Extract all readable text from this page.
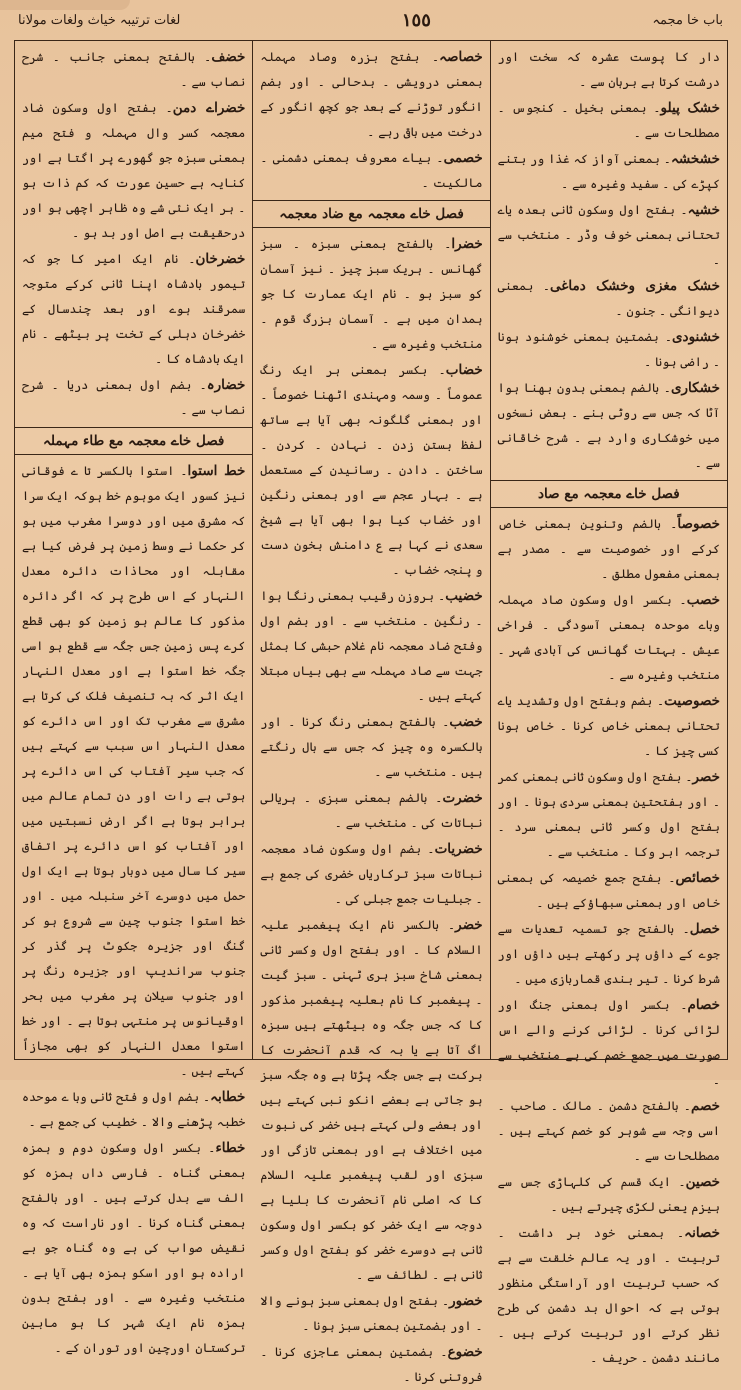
باب خا مجمہ
١٥٥
لغات ترتیبہ خیاث ولغات مولانا
دار کا پوست عشرہ کہ سخت اور درشت کرتا ہے برہان سے ۔
خشک پیلو۔ بمعنی بخیل ۔ کنجوس ۔ مصطلحات سے ۔
خشخشہ۔ بمعنی آواز کہ غذا ور بتنے کپڑے کی ۔ سفید وغیرہ سے ۔
خشیہ۔ بفتح اول وسکون ثانی بعدہ یاے تحتانی بمعنی خوف وڈر ۔ منتخب سے ۔
خشک مغزی وخشک دماغی۔ بمعنی دیوانگی ۔ جنون ۔
خشنودی۔ بضمتین بمعنی خوشنود ہونا ۔ راضی ہونا ۔
خشکاری۔ بالضم بمعنی بدون بھنا ہوا آٹا کہ جس سے روٹی بنے ۔ بعض نسخوں میں خوشکاری وارد ہے ۔ شرح خاقانی سے ۔
فصل خاے معجمہ مع صاد
خصوصاً۔ بالضم وتنوین بمعنی خاص کرکے اور خصوصیت سے ۔ مصدر ہے بمعنی مفعول مطلق ۔
خصب۔ بکسر اول وسکون صاد مہملہ وباے موحدہ بمعنی آسودگی ۔ فراخی عیش ۔ بہتات گھانس کی آبادی شہر ۔ منتخب وغیرہ سے ۔
خصوصیت۔ بضم وبفتح اول وتشدید یاے تحتانی بمعنی خاص کرنا ۔ خاص ہونا کسی چیز کا ۔
خصر۔ بفتح اول وسکون ثانی بمعنی کمر ۔ اور بفتحتین بمعنی سردی ہونا ۔ اور بفتح اول وکسر ثانی بمعنی سرد ۔ ترجمہ ابر وکا ۔ منتخب سے ۔
خصائص۔ بفتح جمع خصیصہ کی بمعنی خاص اور بمعنی سبھاؤکے ہیں ۔
خصل۔ بالفتح جو تسمیہ تعدیات سے جوے کے داؤں پر رکھتے ہیں داؤں اور شرط کرنا ۔ تیر بندی قماربازی میں ۔
خصام۔ بکسر اول بمعنی جنگ اور لڑائی کرنا ۔ لڑائی کرنے والے اس صورت میں جمع خصم کی ہے منتخب سے ۔
خصم۔ بالفتح دشمن ۔ مالک ۔ صاحب ۔ اسی وجہ سے شوہر کو خصم کہتے ہیں ۔ مصطلحات سے ۔
خصین۔ ایک قسم کی کلہاڑی جس سے ہیزم یعنی لکڑی چیرتے ہیں ۔
خصانہ۔ بمعنی خود بر داشت ۔ تربیت ۔ اور یہ عالم خلقت سے ہے کہ حسب تربیت اور آراستگی منظور ہوتی ہے کہ احوال بد دشمن کی طرح نظر کرتے اور تربیت کرتے ہیں ۔ مانند دشمن ۔ حریف ۔
خصاصہ۔ بفتح بزرہ وصاد مہملہ بمعنی درویشی ۔ بدحالی ۔ اور بضم انگور توڑنے کے بعد جو کچھ انگور کے درخت میں باقی رہے ۔
خصمی۔ بیاے معروف بمعنی دشمنی ۔ مالکیت ۔
فصل خاے معجمہ مع ضاد معجمہ
خضرا۔ بالفتح بمعنی سبزہ ۔ سبز گھانس ۔ ہریک سبز چیز ۔ نیز آسمان کو سبز بو ۔ نام ایک عمارت کا جو ہمدان میں ہے ۔ آسمان بزرگ قوم ۔ منتخب وغیرہ سے ۔
خضاب۔ بکسر بمعنی ہر ایک رنگ عموماً ۔ وسمہ ومہندی اٹھنا خصوصاً ۔ اور بمعنی گلگونہ بھی آیا ہے ساتھ لفظ بستن زدن ۔ نہادن ۔ کردن ۔ ساختن ۔ دادن ۔ رسانیدن کے مستعمل ہے ۔ بہار عجم سے اور بمعنی رنگین اور خضاب کیا ہوا بھی آیا ہے شیخ سعدی نے کہا ہے ع دامنش بخون دست و پنجہ خضاب ۔
خضیب۔ بروزن رقیب بمعنی رنگا ہوا ۔ رنگین ۔ منتخب سے ۔ اور بضم اول وفتح ضاد معجمہ نام غلام حبشی کا بمثل جہت سے صاد مہملہ سے بھی بیاں مبتلا کہتے ہیں ۔
خضب۔ بالفتح بمعنی رنگ کرنا ۔ اور بالکسرہ وہ چیز کہ جس سے بال رنگتے ہیں ۔ منتخب سے ۔
خضرت۔ بالضم بمعنی سبزی ۔ ہریالی نباتات کی ۔ منتخب سے ۔
خضریات۔ بضم اول وسکون ضاد معجمہ نباتات سبز ترکاریاں خضری کی جمع ہے ۔ جبلیات جمع جبلی کی ۔
خضر۔ بالکسر نام ایک پیغمبر علیہ السلام کا ۔ اور بفتح اول وکسر ثانی بمعنی شاخ سبز ہری ٹہنی ۔ سبز گیت ۔ پیغمبر کا نام بعلیہ پیغمبر مذکور کا کہ جس جگہ وہ بیٹھتے ہیں سبزہ اگ آتا ہے یا بہ کہ قدم آنحضرت کا برکت ہے جس جگہ پڑتا ہے وہ جگہ سبز ہو جاتی ہے بعضے انکو نبی کہتے ہیں اور بعضے ولی کہتے ہیں خضر کی نبوت میں اختلاف ہے اور بمعنی تازگی اور سبزی اور لقب پیغمبر علیہ السلام کا کہ اصلی نام آنحضرت کا بلیا ہے دوجہ سے ایک خضر کو بکسر اول وسکون ثانی ہے دوسرے خضر کو بفتح اول وکسر ثانی ہے ۔ لطائف سے ۔
خضور۔ بفتح اول بمعنی سبز ہونے والا ۔ اور بضمتین بمعنی سبز ہونا ۔
خضوع۔ بضمتین بمعنی عاجزی کرنا ۔ فروتنی کرنا ۔
خضف۔ بالفتح بمعنی جانب ۔ شرح نصاب سے ۔
خضراے دمن۔ بفتح اول وسکون ضاد معجمہ کسر وال مہملہ و فتح میم بمعنی سبزہ جو گھورے پر اگتا ہے اور کنایہ ہے حسین عورت کہ کم ذات ہو ۔ ہر ایک نئی شے وہ ظاہر اچھی ہو اور درحقیقت بے اصل اور بد ہو ۔
خضرخان۔ نام ایک امیر کا جو کہ تیمور بادشاہ اپنا ثانی کرکے متوجہ سمرقند ہوے اور بعد چندسال کے خضرخان دہلی کے تخت پر بیٹھے ۔ نام ایک بادشاہ کا ۔
خضارہ۔ بضم اول بمعنی دریا ۔ شرح نصاب سے ۔
فصل خاے معجمہ مع طاء مہملہ
خط استوا۔ استوا بالکسر تا ے فوقانی نیز کسور ایک موہوم خط ہوکہ ایک سرا کہ مشرق میں اور دوسرا مغرب میں ہو کر حکما نے وسط زمین پر فرض کیا ہے مقابلہ اور محاذات دائرہ معدل النہار کے اس طرح پر کہ اگر دائرہ مذکور کا عالم ہو زمین کو بھی قطع کرے پس زمین جس جگہ سے قطع ہو اسی جگہ خط استوا ہے اور معدل النہار ایک اثر کہ بہ تنصیف فلک کی کرتا ہے مشرق سے مغرب تک اور اس دائرے کو معدل النہار اس سبب سے کہتے ہیں کہ جب سیر آفتاب کی اس دائرے پر ہوتی ہے رات اور دن تمام عالم میں برابر ہوتا ہے اگر ارض نسبتیں میں اور آفتاب کو اس دائرے پر اتفاق سیر کا سال میں دوبار ہوتا ہے ایک اول حمل میں دوسرے آخر سنبلہ میں ۔ اور خط استوا جنوب چین سے شروع ہو کر گنگ اور جزیرہ جکوٹ پر گذر کر جنوب سراندیپ اور جزیرہ رنگ پر اور جنوب سیلان پر مغرب میں بحر اوقیانوس پر منتہی ہوتا ہے ۔ اور خط استوا معدل النہار کو بھی مجازاً کہتے ہیں ۔
خطابہ۔ بضم اول و فتح ثانی وبا ے موحدہ خطبہ پڑھنے والا ۔ خطیب کی جمع ہے ۔
خطاء۔ بکسر اول وسکون دوم و ہمزہ بمعنی گناہ ۔ فارسی داں ہمزہ کو الف سے بدل کرتے ہیں ۔ اور بالفتح بمعنی گناہ کرنا ۔ اور ناراست کہ وہ نقیض صواب کی ہے وہ گناہ جو بے ارادہ ہو اور اسکو ہمزہ بھی آیا ہے ۔ منتخب وغیرہ سے ۔ اور بفتح بدون ہمزہ نام ایک شہر کا ہو مابین ترکستان اورچین اور توران کے ۔
